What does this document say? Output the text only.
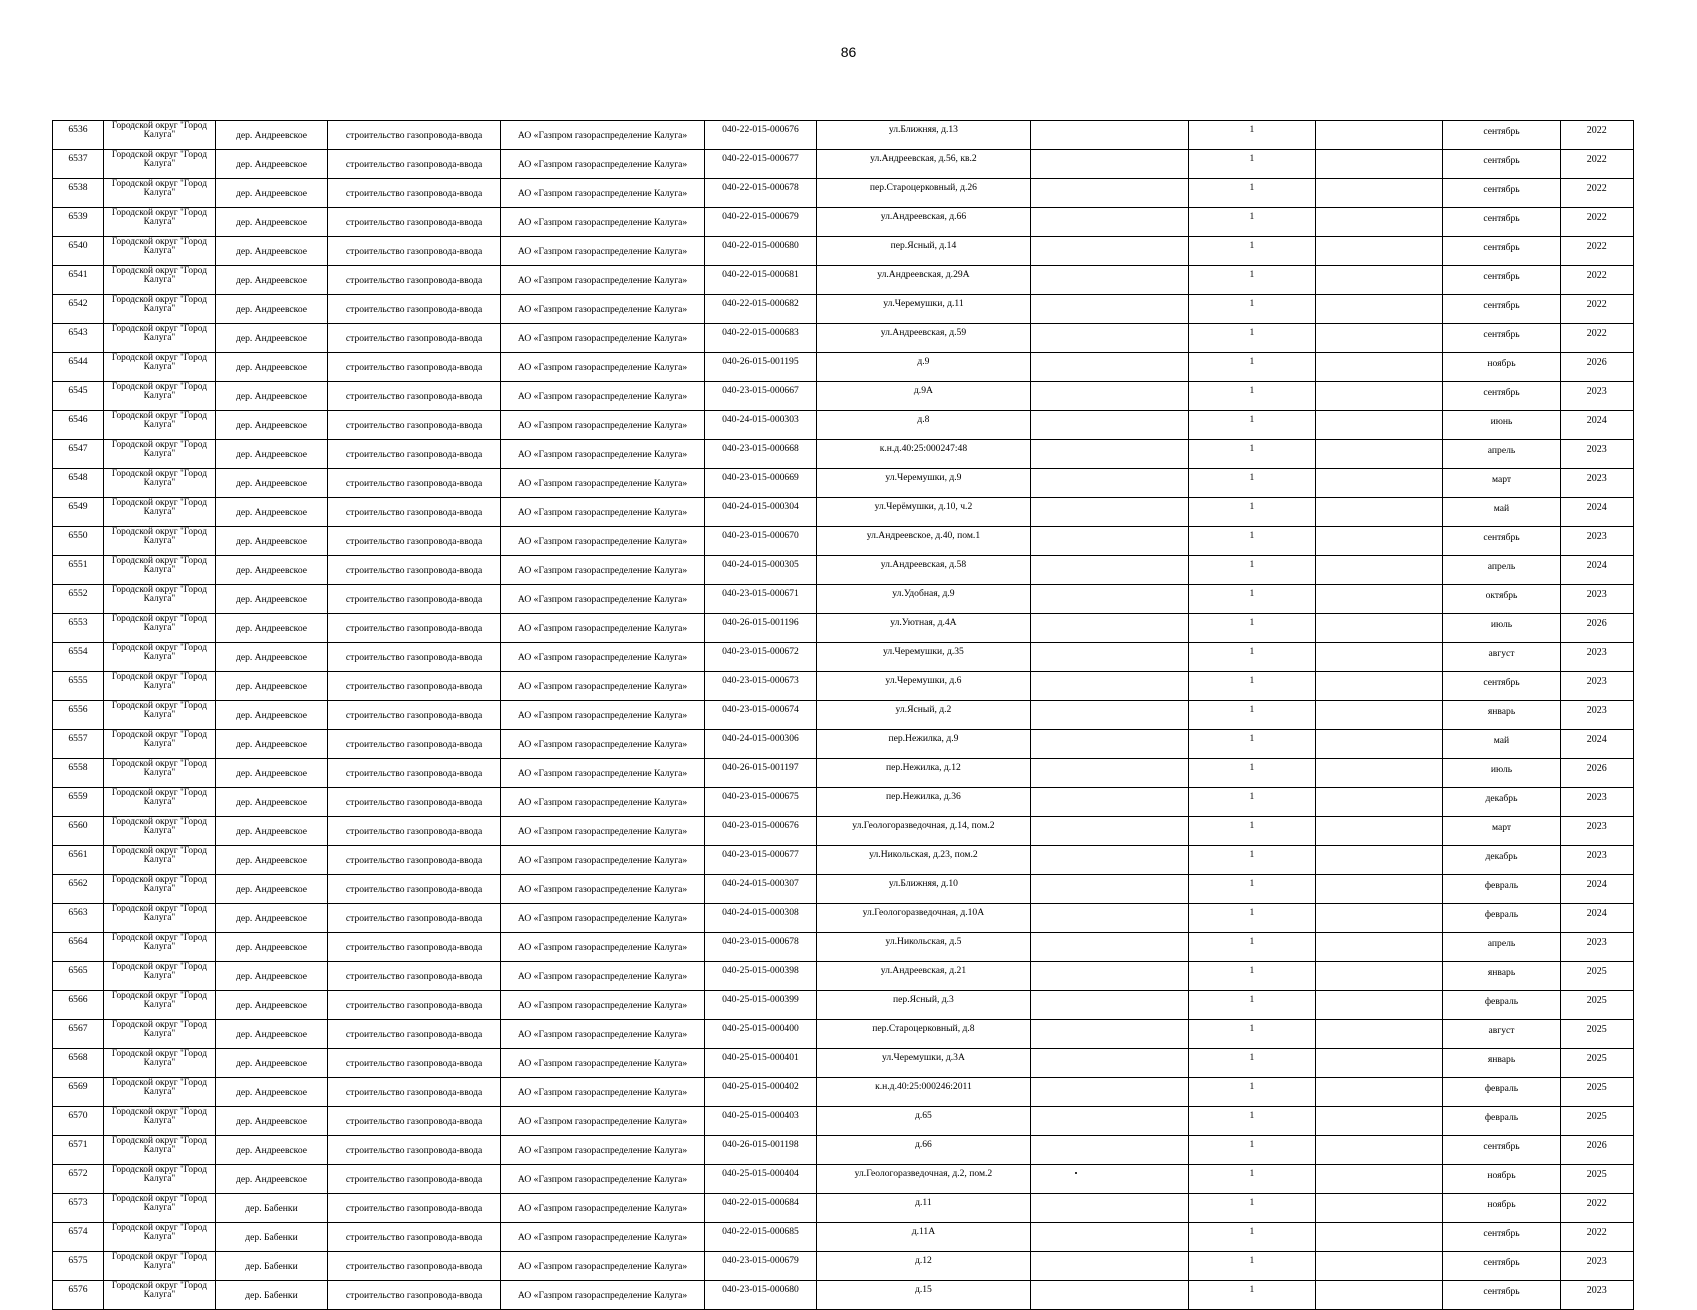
86
6536	Городской округ "Город Калуга"	дер. Андреевское	строительство газопровода-ввода	АО «Газпром газораспределение Калуга»	040-22-015-000676	ул.Ближняя, д.13		1		сентябрь	2022
6537	Городской округ "Город Калуга"	дер. Андреевское	строительство газопровода-ввода	АО «Газпром газораспределение Калуга»	040-22-015-000677	ул.Андреевская, д.56, кв.2		1		сентябрь	2022
6538	Городской округ "Город Калуга"	дер. Андреевское	строительство газопровода-ввода	АО «Газпром газораспределение Калуга»	040-22-015-000678	пер.Староцерковный, д.26		1		сентябрь	2022
6539	Городской округ "Город Калуга"	дер. Андреевское	строительство газопровода-ввода	АО «Газпром газораспределение Калуга»	040-22-015-000679	ул.Андреевская, д.66		1		сентябрь	2022
6540	Городской округ "Город Калуга"	дер. Андреевское	строительство газопровода-ввода	АО «Газпром газораспределение Калуга»	040-22-015-000680	пер.Ясный, д.14		1		сентябрь	2022
6541	Городской округ "Город Калуга"	дер. Андреевское	строительство газопровода-ввода	АО «Газпром газораспределение Калуга»	040-22-015-000681	ул.Андреевская, д.29А		1		сентябрь	2022
6542	Городской округ "Город Калуга"	дер. Андреевское	строительство газопровода-ввода	АО «Газпром газораспределение Калуга»	040-22-015-000682	ул.Черемушки, д.11		1		сентябрь	2022
6543	Городской округ "Город Калуга"	дер. Андреевское	строительство газопровода-ввода	АО «Газпром газораспределение Калуга»	040-22-015-000683	ул.Андреевская, д.59		1		сентябрь	2022
6544	Городской округ "Город Калуга"	дер. Андреевское	строительство газопровода-ввода	АО «Газпром газораспределение Калуга»	040-26-015-001195	д.9		1		ноябрь	2026
6545	Городской округ "Город Калуга"	дер. Андреевское	строительство газопровода-ввода	АО «Газпром газораспределение Калуга»	040-23-015-000667	д.9А		1		сентябрь	2023
6546	Городской округ "Город Калуга"	дер. Андреевское	строительство газопровода-ввода	АО «Газпром газораспределение Калуга»	040-24-015-000303	д.8		1		июнь	2024
6547	Городской округ "Город Калуга"	дер. Андреевское	строительство газопровода-ввода	АО «Газпром газораспределение Калуга»	040-23-015-000668	к.н.д.40:25:000247:48		1		апрель	2023
6548	Городской округ "Город Калуга"	дер. Андреевское	строительство газопровода-ввода	АО «Газпром газораспределение Калуга»	040-23-015-000669	ул.Черемушки, д.9		1		март	2023
6549	Городской округ "Город Калуга"	дер. Андреевское	строительство газопровода-ввода	АО «Газпром газораспределение Калуга»	040-24-015-000304	ул.Черёмушки, д.10, ч.2		1		май	2024
6550	Городской округ "Город Калуга"	дер. Андреевское	строительство газопровода-ввода	АО «Газпром газораспределение Калуга»	040-23-015-000670	ул.Андреевское, д.40, пом.1		1		сентябрь	2023
6551	Городской округ "Город Калуга"	дер. Андреевское	строительство газопровода-ввода	АО «Газпром газораспределение Калуга»	040-24-015-000305	ул.Андреевская, д.58		1		апрель	2024
6552	Городской округ "Город Калуга"	дер. Андреевское	строительство газопровода-ввода	АО «Газпром газораспределение Калуга»	040-23-015-000671	ул.Удобная, д.9		1		октябрь	2023
6553	Городской округ "Город Калуга"	дер. Андреевское	строительство газопровода-ввода	АО «Газпром газораспределение Калуга»	040-26-015-001196	ул.Уютная, д.4А		1		июль	2026
6554	Городской округ "Город Калуга"	дер. Андреевское	строительство газопровода-ввода	АО «Газпром газораспределение Калуга»	040-23-015-000672	ул.Черемушки, д.35		1		август	2023
6555	Городской округ "Город Калуга"	дер. Андреевское	строительство газопровода-ввода	АО «Газпром газораспределение Калуга»	040-23-015-000673	ул.Черемушки, д.6		1		сентябрь	2023
6556	Городской округ "Город Калуга"	дер. Андреевское	строительство газопровода-ввода	АО «Газпром газораспределение Калуга»	040-23-015-000674	ул.Ясный, д.2		1		январь	2023
6557	Городской округ "Город Калуга"	дер. Андреевское	строительство газопровода-ввода	АО «Газпром газораспределение Калуга»	040-24-015-000306	пер.Нежилка, д.9		1		май	2024
6558	Городской округ "Город Калуга"	дер. Андреевское	строительство газопровода-ввода	АО «Газпром газораспределение Калуга»	040-26-015-001197	пер.Нежилка, д.12		1		июль	2026
6559	Городской округ "Город Калуга"	дер. Андреевское	строительство газопровода-ввода	АО «Газпром газораспределение Калуга»	040-23-015-000675	пер.Нежилка, д.36		1		декабрь	2023
6560	Городской округ "Город Калуга"	дер. Андреевское	строительство газопровода-ввода	АО «Газпром газораспределение Калуга»	040-23-015-000676	ул.Геологоразведочная, д.14, пом.2		1		март	2023
6561	Городской округ "Город Калуга"	дер. Андреевское	строительство газопровода-ввода	АО «Газпром газораспределение Калуга»	040-23-015-000677	ул.Никольская, д.23, пом.2		1		декабрь	2023
6562	Городской округ "Город Калуга"	дер. Андреевское	строительство газопровода-ввода	АО «Газпром газораспределение Калуга»	040-24-015-000307	ул.Ближняя, д.10		1		февраль	2024
6563	Городской округ "Город Калуга"	дер. Андреевское	строительство газопровода-ввода	АО «Газпром газораспределение Калуга»	040-24-015-000308	ул.Геологоразведочная, д.10А		1		февраль	2024
6564	Городской округ "Город Калуга"	дер. Андреевское	строительство газопровода-ввода	АО «Газпром газораспределение Калуга»	040-23-015-000678	ул.Никольская, д.5		1		апрель	2023
6565	Городской округ "Город Калуга"	дер. Андреевское	строительство газопровода-ввода	АО «Газпром газораспределение Калуга»	040-25-015-000398	ул.Андреевская, д.21		1		январь	2025
6566	Городской округ "Город Калуга"	дер. Андреевское	строительство газопровода-ввода	АО «Газпром газораспределение Калуга»	040-25-015-000399	пер.Ясный, д.3		1		февраль	2025
6567	Городской округ "Город Калуга"	дер. Андреевское	строительство газопровода-ввода	АО «Газпром газораспределение Калуга»	040-25-015-000400	пер.Староцерковный, д.8		1		август	2025
6568	Городской округ "Город Калуга"	дер. Андреевское	строительство газопровода-ввода	АО «Газпром газораспределение Калуга»	040-25-015-000401	ул.Черемушки, д.3А		1		январь	2025
6569	Городской округ "Город Калуга"	дер. Андреевское	строительство газопровода-ввода	АО «Газпром газораспределение Калуга»	040-25-015-000402	к.н.д.40:25:000246:2011		1		февраль	2025
6570	Городской округ "Город Калуга"	дер. Андреевское	строительство газопровода-ввода	АО «Газпром газораспределение Калуга»	040-25-015-000403	д.65		1		февраль	2025
6571	Городской округ "Город Калуга"	дер. Андреевское	строительство газопровода-ввода	АО «Газпром газораспределение Калуга»	040-26-015-001198	д.66		1		сентябрь	2026
6572	Городской округ "Город Калуга"	дер. Андреевское	строительство газопровода-ввода	АО «Газпром газораспределение Калуга»	040-25-015-000404	ул.Геологоразведочная, д.2, пом.2		1		ноябрь	2025
6573	Городской округ "Город Калуга"	дер. Бабенки	строительство газопровода-ввода	АО «Газпром газораспределение Калуга»	040-22-015-000684	д.11		1		ноябрь	2022
6574	Городской округ "Город Калуга"	дер. Бабенки	строительство газопровода-ввода	АО «Газпром газораспределение Калуга»	040-22-015-000685	д.11А		1		сентябрь	2022
6575	Городской округ "Город Калуга"	дер. Бабенки	строительство газопровода-ввода	АО «Газпром газораспределение Калуга»	040-23-015-000679	д.12		1		сентябрь	2023
6576	Городской округ "Город Калуга"	дер. Бабенки	строительство газопровода-ввода	АО «Газпром газораспределение Калуга»	040-23-015-000680	д.15		1		сентябрь	2023
